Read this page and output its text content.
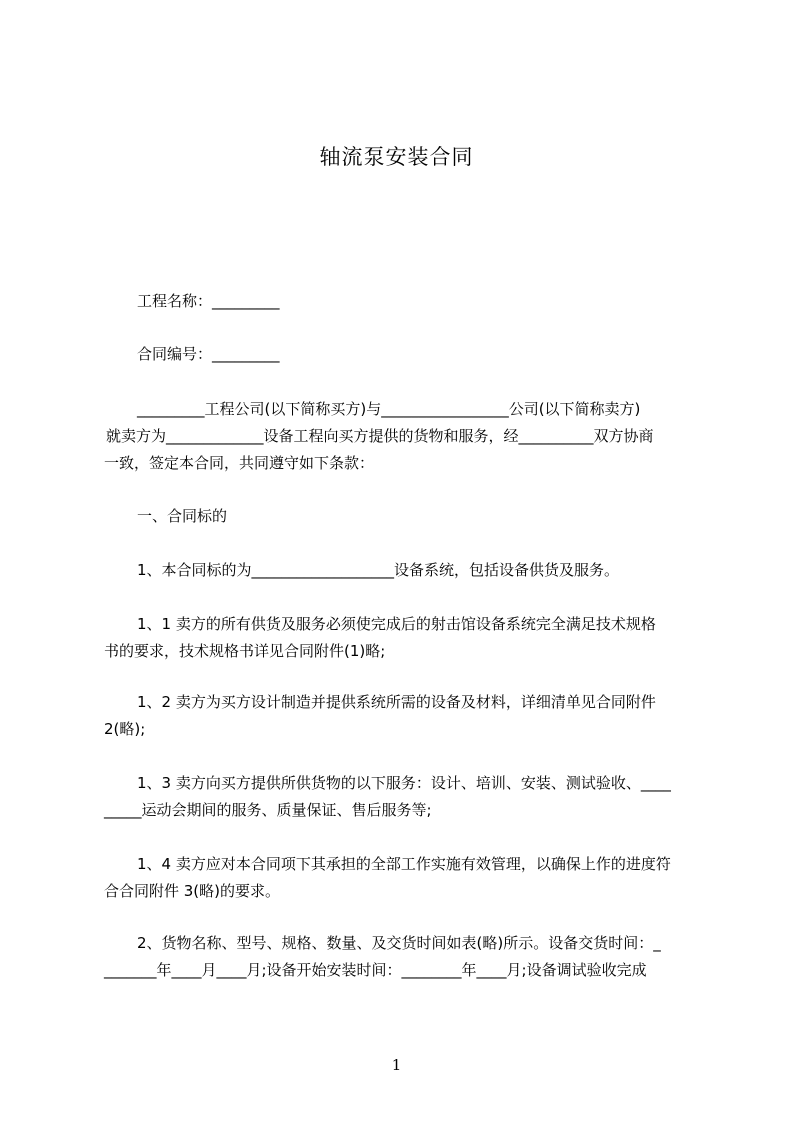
轴流泵安装合同
工程名称：_________
合同编号：_________
_________工程公司(以下简称买方)与_________________公司(以下简称卖方)
就卖方为_____________设备工程向买方提供的货物和服务，经__________双方协商
一致，签定本合同，共同遵守如下条款：
一、合同标的
1、本合同标的为___________________设备系统，包括设备供货及服务。
1、1 卖方的所有供货及服务必须使完成后的射击馆设备系统完全满足技术规格
书的要求，技术规格书详见合同附件(1)略;
1、2 卖方为买方设计制造并提供系统所需的设备及材料，详细清单见合同附件
2(略);
1、3 卖方向买方提供所供货物的以下服务：设计、培训、安装、测试验收、____
_____运动会期间的服务、质量保证、售后服务等;
1、4 卖方应对本合同项下其承担的全部工作实施有效管理，以确保上作的进度符
合合同附件 3(略)的要求。
2、货物名称、型号、规格、数量、及交货时间如表(略)所示。设备交货时间：_
_______年____月____月;设备开始安装时间：________年____月;设备调试验收完成
1
